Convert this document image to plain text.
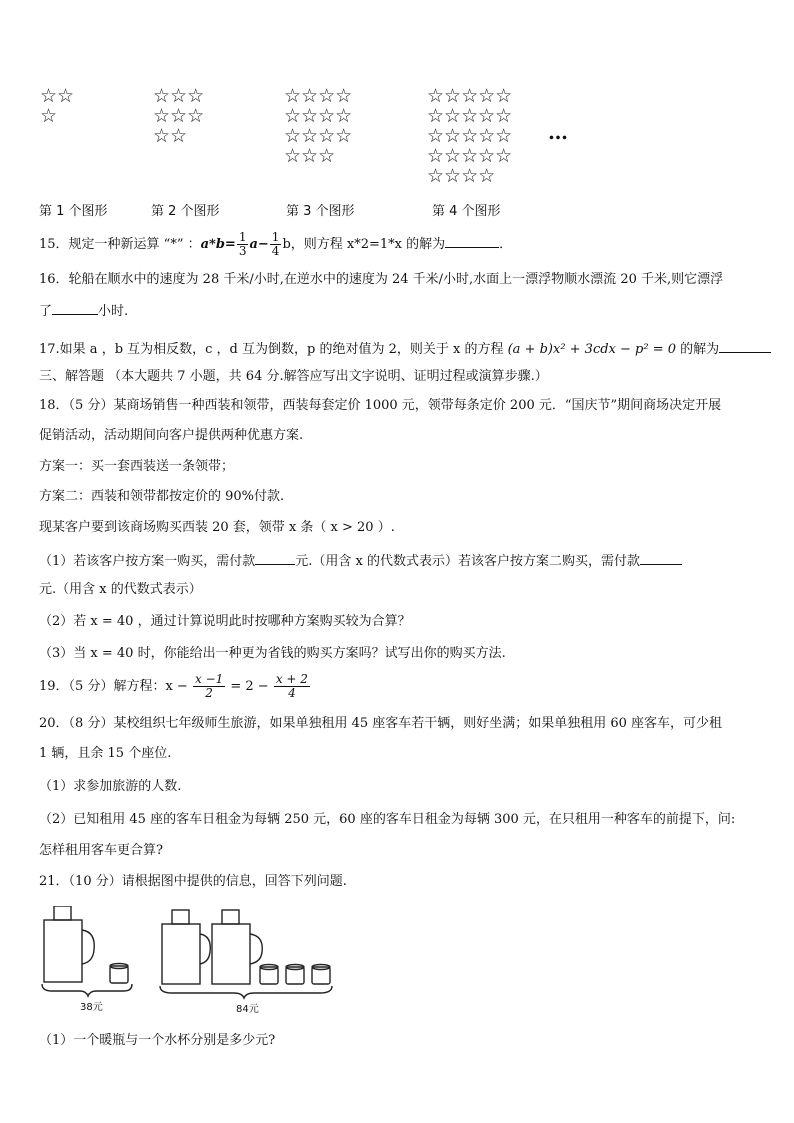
☆☆
☆
☆☆☆
☆☆☆
☆☆
☆☆☆☆
☆☆☆☆
☆☆☆☆
☆☆☆
☆☆☆☆☆
☆☆☆☆☆
☆☆☆☆☆
☆☆☆☆☆
☆☆☆☆
…
第 1 个图形	第 2 个图形	第 3 个图形	第 4 个图形
15．规定一种新运算 “*” ：$a*b= \frac{1}{3} a- \frac{1}{4}$ b，则方程 x*2=1*x 的解为	．
16．轮船在顺水中的速度为 28 千米/小时,在逆水中的速度为 24 千米/小时,水面上一漂浮物顺水漂流 20 千米,则它漂浮
了	小时.
17.如果 a ，b 互为相反数，c ，d 互为倒数，p 的绝对值为 2，则关于 x 的方程 (a + b)x² + 3cdx − p² = 0 的解为
三、解答题 （本大题共 7 小题，共 64 分.解答应写出文字说明、证明过程或演算步骤.）
18．（5 分）某商场销售一种西装和领带，西装每套定价 1000 元，领带每条定价 200 元．“国庆节”期间商场决定开展
促销活动，活动期间向客户提供两种优惠方案.
方案一：买一套西装送一条领带；
方案二：西装和领带都按定价的 90%付款.
现某客户要到该商场购买西装 20 套，领带 x 条（ x > 20 ）.
（1）若该客户按方案一购买，需付款	元.（用含 x 的代数式表示）若该客户按方案二购买，需付款
元.（用含 x 的代数式表示）
（2）若 x = 40 ，通过计算说明此时按哪种方案购买较为合算？
（3）当 x = 40 时，你能给出一种更为省钱的购买方案吗？试写出你的购买方法.
19．（5 分）解方程：$x - \frac{x -1}{2} = 2 - \frac{x + 2}{4}$
20．（8 分）某校组织七年级师生旅游，如果单独租用 45 座客车若干辆，则好坐满；如果单独租用 60 座客车，可少租
1 辆，且余 15 个座位.
（1）求参加旅游的人数.
（2）已知租用 45 座的客车日租金为每辆 250 元，60 座的客车日租金为每辆 300 元，在只租用一种客车的前提下，问:
怎样租用客车更合算?
21．（10 分）请根据图中提供的信息，回答下列问题.
38元	84元
（1）一个暖瓶与一个水杯分别是多少元?
